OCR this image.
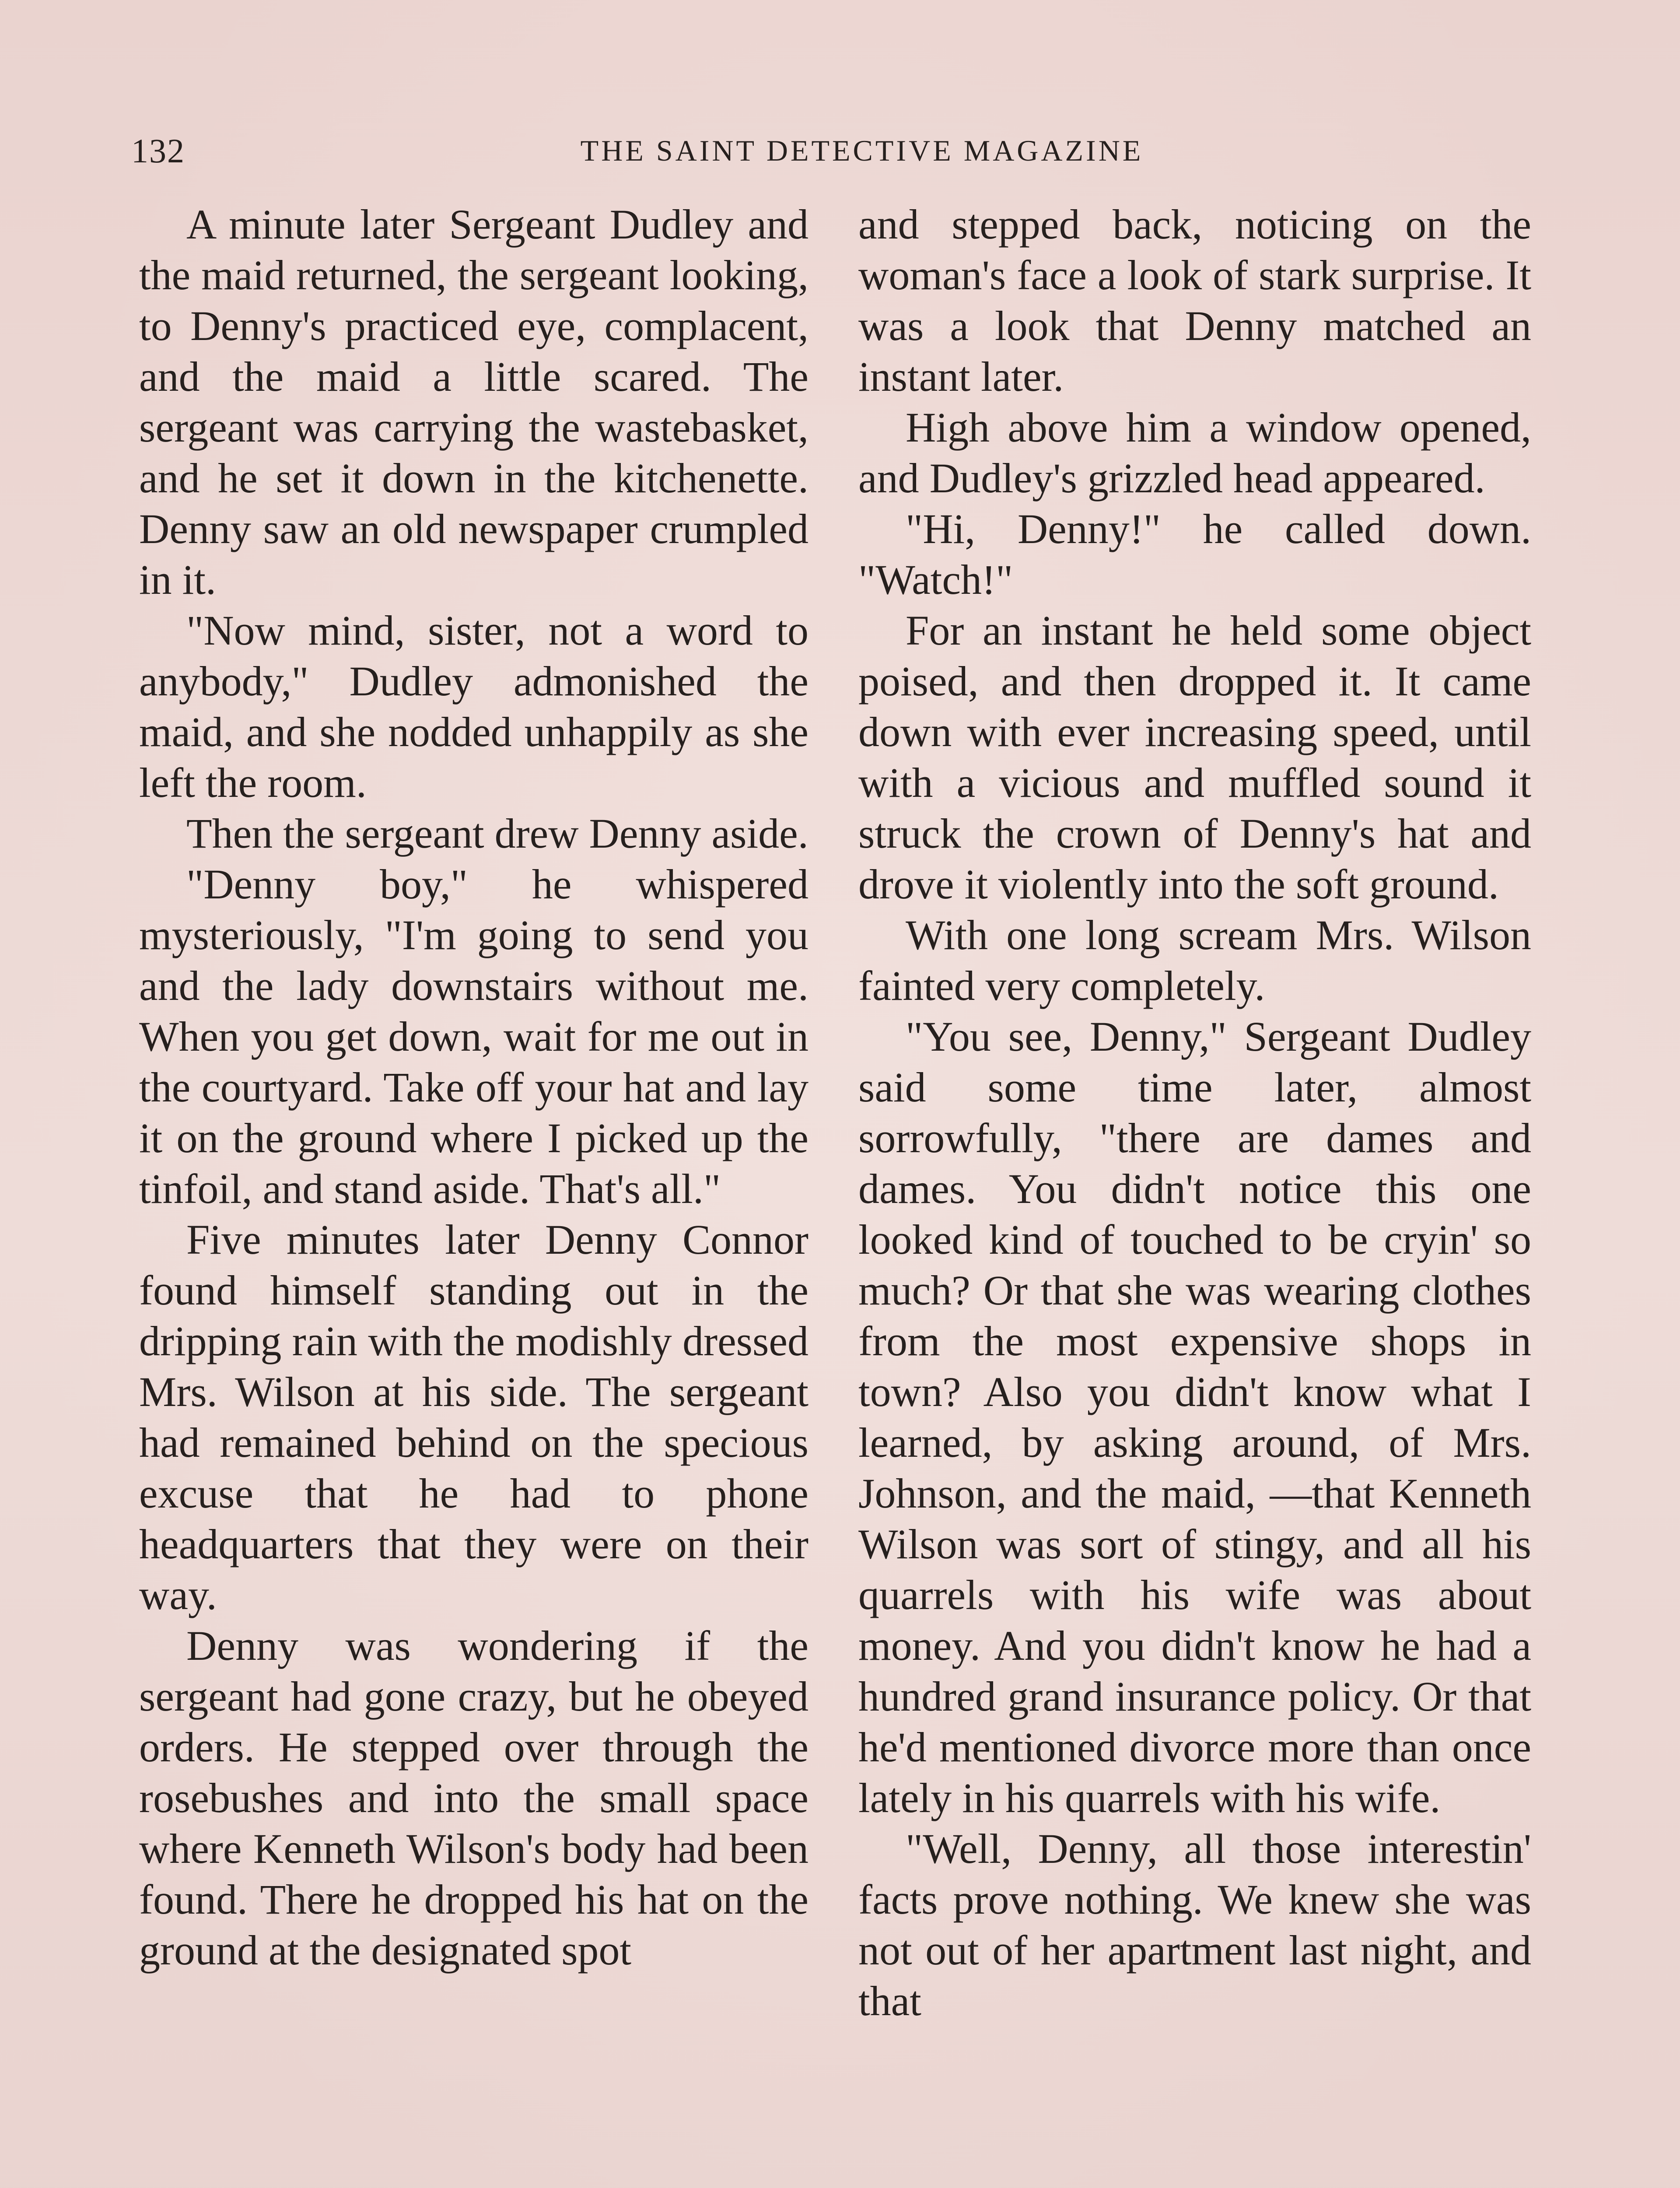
132	THE SAINT DETECTIVE MAGAZINE

A minute later Sergeant Dudley and the maid returned, the sergeant looking, to Denny's practiced eye, complacent, and the maid a little scared. The sergeant was carrying the wastebasket, and he set it down in the kitchenette. Denny saw an old newspaper crumpled in it.

"Now mind, sister, not a word to anybody," Dudley admonished the maid, and she nodded unhappily as she left the room.

Then the sergeant drew Denny aside.

"Denny boy," he whispered mysteriously, "I'm going to send you and the lady downstairs without me. When you get down, wait for me out in the courtyard. Take off your hat and lay it on the ground where I picked up the tinfoil, and stand aside. That's all."

Five minutes later Denny Connor found himself standing out in the dripping rain with the modishly dressed Mrs. Wilson at his side. The sergeant had remained behind on the specious excuse that he had to phone headquarters that they were on their way.

Denny was wondering if the sergeant had gone crazy, but he obeyed orders. He stepped over through the rosebushes and into the small space where Kenneth Wilson's body had been found. There he dropped his hat on the ground at the designated spot

and stepped back, noticing on the woman's face a look of stark surprise. It was a look that Denny matched an instant later.

High above him a window opened, and Dudley's grizzled head appeared.

"Hi, Denny!" he called down. "Watch!"

For an instant he held some object poised, and then dropped it. It came down with ever increasing speed, until with a vicious and muffled sound it struck the crown of Denny's hat and drove it violently into the soft ground.

With one long scream Mrs. Wilson fainted very completely.

"You see, Denny," Sergeant Dudley said some time later, almost sorrowfully, "there are dames and dames. You didn't notice this one looked kind of touched to be cryin' so much? Or that she was wearing clothes from the most expensive shops in town? Also you didn't know what I learned, by asking around, of Mrs. Johnson, and the maid, —that Kenneth Wilson was sort of stingy, and all his quarrels with his wife was about money. And you didn't know he had a hundred grand insurance policy. Or that he'd mentioned divorce more than once lately in his quarrels with his wife.

"Well, Denny, all those interestin' facts prove nothing. We knew she was not out of her apartment last night, and that
